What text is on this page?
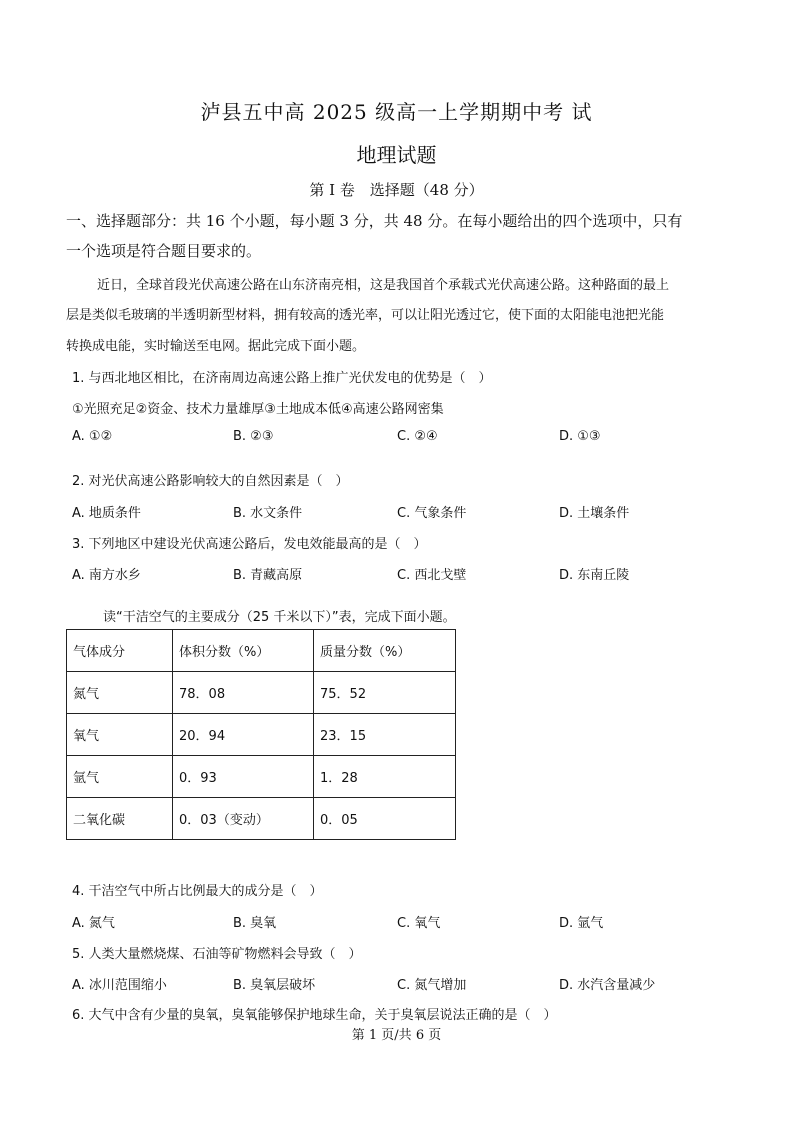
泸县五中高 2025 级高一上学期期中考 试
地理试题
第 I 卷　选择题（48 分）
一、选择题部分：共 16 个小题，每小题 3 分，共 48 分。在每小题给出的四个选项中，只有
一个选项是符合题目要求的。
近日，全球首段光伏高速公路在山东济南亮相，这是我国首个承载式光伏高速公路。这种路面的最上
层是类似毛玻璃的半透明新型材料，拥有较高的透光率，可以让阳光透过它，使下面的太阳能电池把光能
转换成电能，实时输送至电网。据此完成下面小题。
1. 与西北地区相比，在济南周边高速公路上推广光伏发电的优势是（　）
①光照充足②资金、技术力量雄厚③土地成本低④高速公路网密集
A. ①②	B. ②③	C. ②④	D. ①③
2. 对光伏高速公路影响较大的自然因素是（　）
A. 地质条件	B. 水文条件	C. 气象条件	D. 土壤条件
3. 下列地区中建设光伏高速公路后，发电效能最高的是（　）
A. 南方水乡	B. 青藏高原	C. 西北戈壁	D. 东南丘陵
读“干洁空气的主要成分（25 千米以下）”表，完成下面小题。
气体成分	体积分数（%）	质量分数（%）
氮气	78．08	75．52
氧气	20．94	23．15
氩气	0．93	1．28
二氧化碳	0．03（变动）	0．05
4. 干洁空气中所占比例最大的成分是（　）
A. 氮气	B. 臭氧	C. 氧气	D. 氩气
5. 人类大量燃烧煤、石油等矿物燃料会导致（　）
A. 冰川范围缩小	B. 臭氧层破坏	C. 氮气增加	D. 水汽含量减少
6. 大气中含有少量的臭氧，臭氧能够保护地球生命，关于臭氧层说法正确的是（　）
第 1 页/共 6 页
